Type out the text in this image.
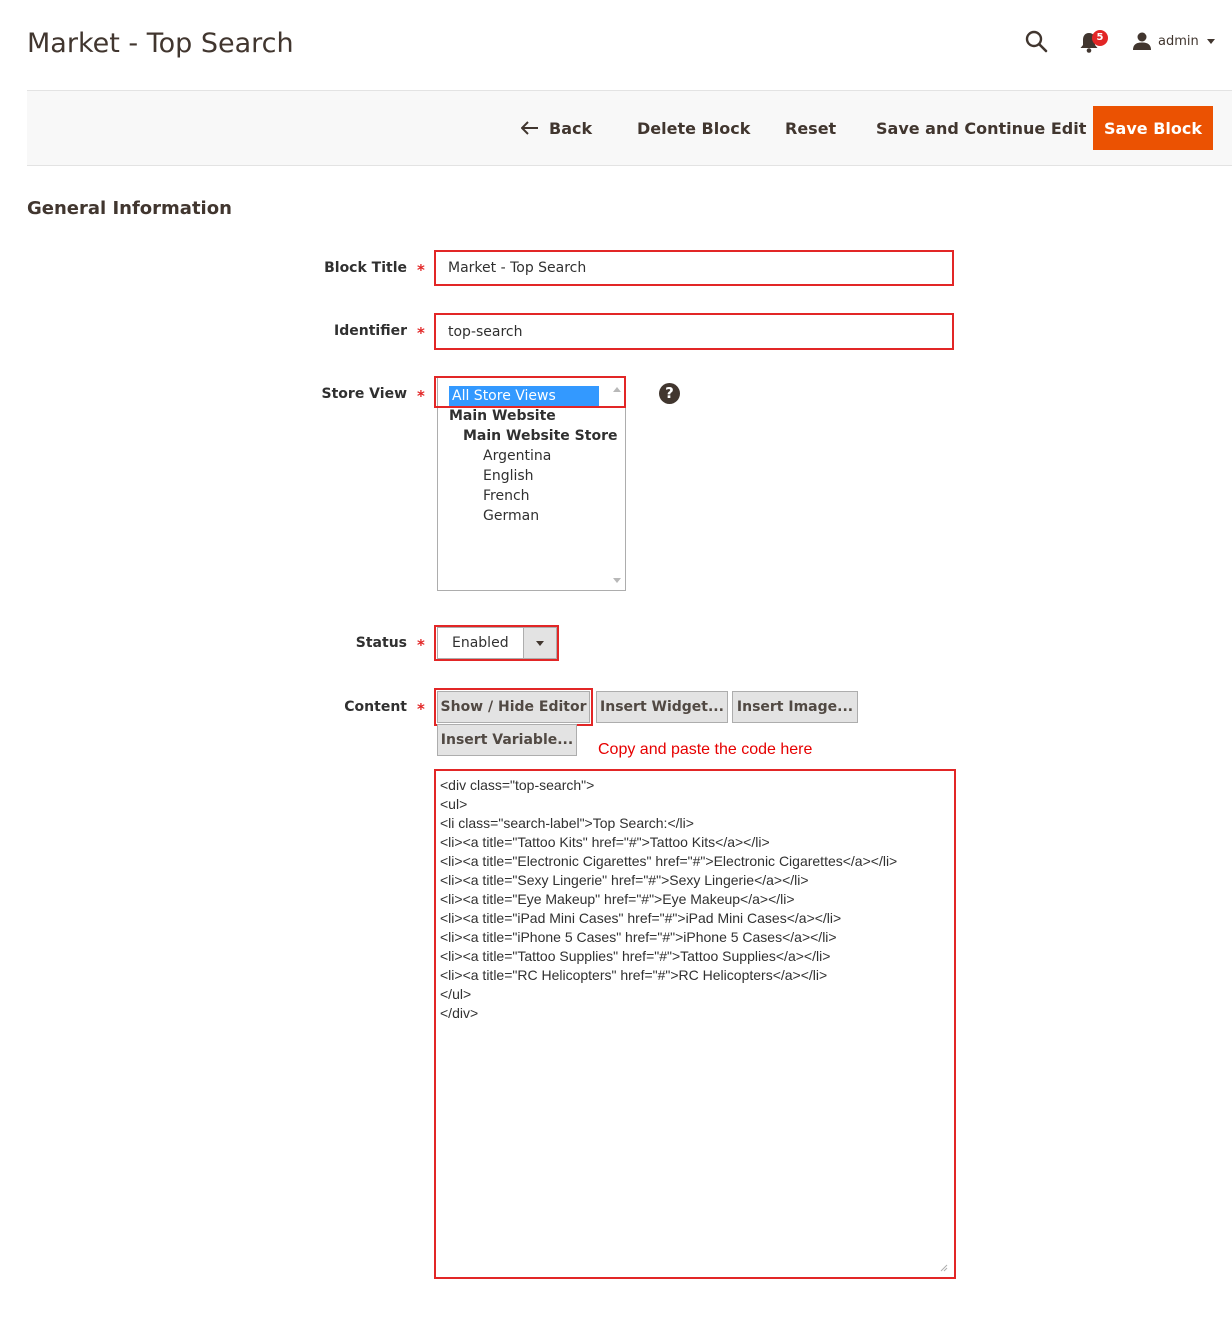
Market - Top Search	5	admin
Back	Delete Block Reset Save and Continue Edit	Save Block
General Information
Block Title *
Market - Top Search
Identifier *
top-search
Store View * All Store Views
Main Website
Main Website Store
Argentina
English
French
German
?
Status *	Enabled
Content * Show / Hide Editor Insert Widget... Insert Image...
Insert Variable...
Copy and paste the code here
<div class="top-search">
<ul>
<li class="search-label">Top Search:</li>
<li><a title="Tattoo Kits" href="#">Tattoo Kits</a></li>
<li><a title="Electronic Cigarettes" href="#">Electronic Cigarettes</a></li>
<li><a title="Sexy Lingerie" href="#">Sexy Lingerie</a></li>
<li><a title="Eye Makeup" href="#">Eye Makeup</a></li>
<li><a title="iPad Mini Cases" href="#">iPad Mini Cases</a></li>
<li><a title="iPhone 5 Cases" href="#">iPhone 5 Cases</a></li>
<li><a title="Tattoo Supplies" href="#">Tattoo Supplies</a></li>
<li><a title="RC Helicopters" href="#">RC Helicopters</a></li>
</ul>
</div>
